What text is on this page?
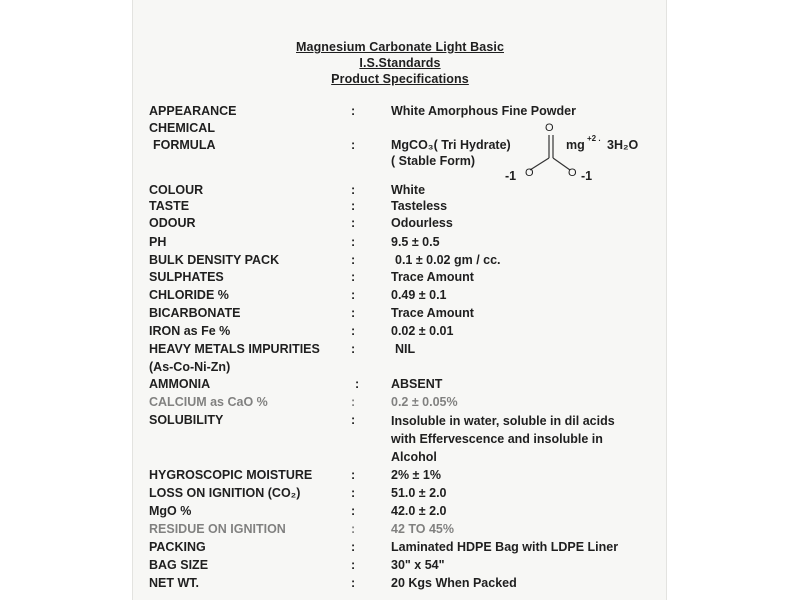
Magnesium Carbonate Light Basic
I.S.Standards
Product Specifications
APPEARANCE	:	White Amorphous Fine Powder
CHEMICAL
FORMULA	:	MgCO₃( Tri Hydrate)
( Stable Form)
O
mg +2 . 3H₂O
-1 O	O -1
COLOUR	:	White
TASTE	:	Tasteless
ODOUR	:	Odourless
PH	:	9.5 ± 0.5
BULK DENSITY PACK	:	0.1 ± 0.02 gm / cc.
SULPHATES	:	Trace Amount
CHLORIDE %	:	0.49 ± 0.1
BICARBONATE	:	Trace Amount
IRON as Fe %	:	0.02 ± 0.01
HEAVY METALS IMPURITIES :	NIL
(As-Co-Ni-Zn)
AMMONIA	:	ABSENT
CALCIUM as CaO %	:	0.2 ± 0.05%
SOLUBILITY	:	Insoluble in water, soluble in dil acids
with Effervescence and insoluble in
Alcohol
HYGROSCOPIC MOISTURE	:	2% ± 1%
LOSS ON IGNITION (CO₂)	:	51.0 ± 2.0
MgO %	:	42.0 ± 2.0
RESIDUE ON IGNITION	:	42 TO 45%
PACKING	:	Laminated HDPE Bag with LDPE Liner
BAG SIZE	:	30" x 54"
NET WT.	:	20 Kgs When Packed
